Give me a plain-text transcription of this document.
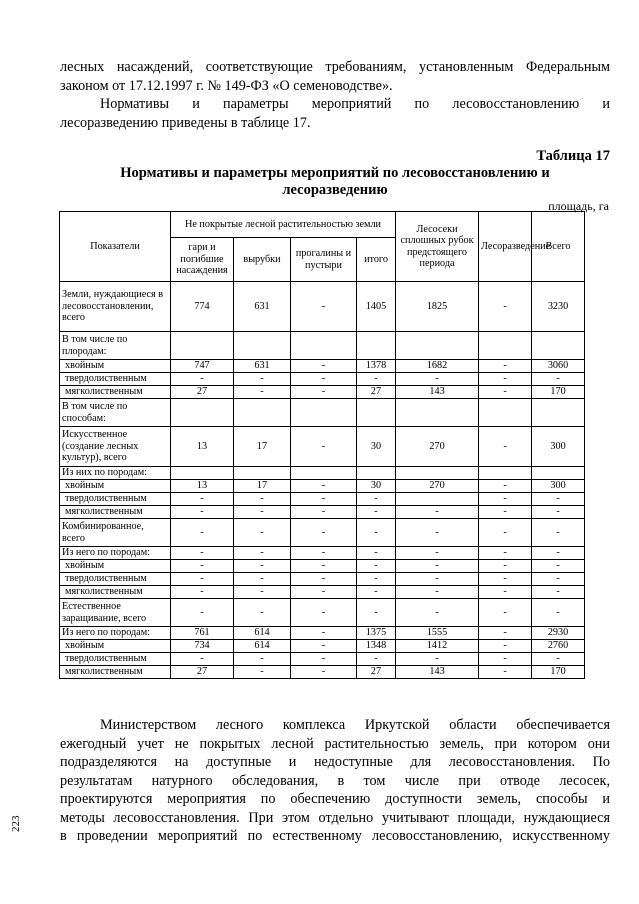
лесных насаждений, соответствующие требованиям, установленным Федеральным
законом от 17.12.1997 г. № 149-ФЗ «О семеноводстве».
Нормативы и параметры мероприятий по лесовосстановлению и
лесоразведению приведены в таблице 17.
Таблица 17
Нормативы и параметры мероприятий по лесовосстановлению и
лесоразведению
площадь, га
Показатели	Не покрытые лесной растительностью земли				Лесосеки сплошных рубок предстоящего периода	Лесоразведение	Всего
	гари и погибшие насаждения	вырубки	прогалины и пустыри	итого			
Земли, нуждающиеся в лесовосстановлении, всего	774	631	-	1405	1825	-	3230
В том числе по плородам:							
хвойным	747	631	-	1378	1682	-	3060
твердолиственным	-	-	-	-	-	-	-
мягколиственным	27	-	-	27	143	-	170
В том числе по способам:							
Искусственное (создание лесных культур), всего	13	17	-	30	270	-	300
Из них по породам:							
хвойным	13	17	-	30	270	-	300
твердолиственным	-	-	-	-		-	-
мягколиственным	-	-	-	-	-	-	-
Комбинированное, всего	-	-	-	-	-	-	-
Из него по породам:	-	-	-	-	-	-	-
хвойным	-	-	-	-	-	-	-
твердолиственным	-	-	-	-	-	-	-
мягколиственным	-	-	-	-	-	-	-
Естественное заращивание, всего	-	-	-	-	-	-	-
Из него по породам:	761	614	-	1375	1555	-	2930
хвойным	734	614	-	1348	1412	-	2760
твердолиственным	-	-	-	-	-	-	-
мягколиственным	27	-	-	27	143	-	170
Министерством лесного комплекса Иркутской области обеспечивается
ежегодный учет не покрытых лесной растительностью земель, при котором они
подразделяются на доступные и недоступные для лесовосстановления. По
результатам натурного обследования, в том числе при отводе лесосек,
проектируются мероприятия по обеспечению доступности земель, способы и
методы лесовосстановления. При этом отдельно учитывают площади, нуждающиеся
в проведении мероприятий по естественному лесовосстановлению, искусственному
223
